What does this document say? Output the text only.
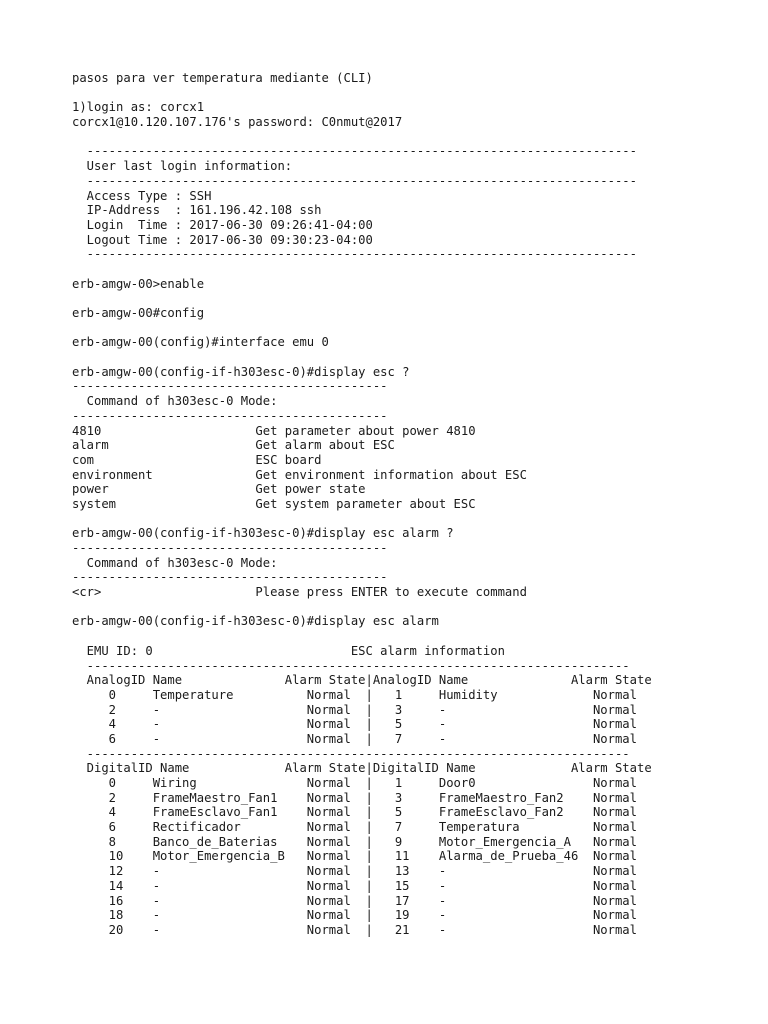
pasos para ver temperatura mediante (CLI)
1)login as: corcx1
corcx1@10.120.107.176's password: C0nmut@2017
---------------------------------------------------------------------------
User last login information:
---------------------------------------------------------------------------
Access Type : SSH
IP-Address  : 161.196.42.108 ssh
Login  Time : 2017-06-30 09:26:41-04:00
Logout Time : 2017-06-30 09:30:23-04:00
---------------------------------------------------------------------------
erb-amgw-00>enable
erb-amgw-00#config
erb-amgw-00(config)#interface emu 0
erb-amgw-00(config-if-h303esc-0)#display esc ?
-------------------------------------------
Command of h303esc-0 Mode:
-------------------------------------------
4810                     Get parameter about power 4810
alarm                    Get alarm about ESC
com                      ESC board
environment              Get environment information about ESC
power                    Get power state
system                   Get system parameter about ESC
erb-amgw-00(config-if-h303esc-0)#display esc alarm ?
-------------------------------------------
Command of h303esc-0 Mode:
-------------------------------------------
<cr>                     Please press ENTER to execute command
erb-amgw-00(config-if-h303esc-0)#display esc alarm
EMU ID: 0                           ESC alarm information
--------------------------------------------------------------------------
AnalogID Name              Alarm State|AnalogID Name              Alarm State
0     Temperature          Normal  |   1     Humidity             Normal
2     -                    Normal  |   3     -                    Normal
4     -                    Normal  |   5     -                    Normal
6     -                    Normal  |   7     -                    Normal
--------------------------------------------------------------------------
DigitalID Name             Alarm State|DigitalID Name             Alarm State
0     Wiring               Normal  |   1     Door0                Normal
2     FrameMaestro_Fan1    Normal  |   3     FrameMaestro_Fan2    Normal
4     FrameEsclavo_Fan1    Normal  |   5     FrameEsclavo_Fan2    Normal
6     Rectificador         Normal  |   7     Temperatura          Normal
8     Banco_de_Baterias    Normal  |   9     Motor_Emergencia_A   Normal
10    Motor_Emergencia_B   Normal  |   11    Alarma_de_Prueba_46  Normal
12    -                    Normal  |   13    -                    Normal
14    -                    Normal  |   15    -                    Normal
16    -                    Normal  |   17    -                    Normal
18    -                    Normal  |   19    -                    Normal
20    -                    Normal  |   21    -                    Normal
